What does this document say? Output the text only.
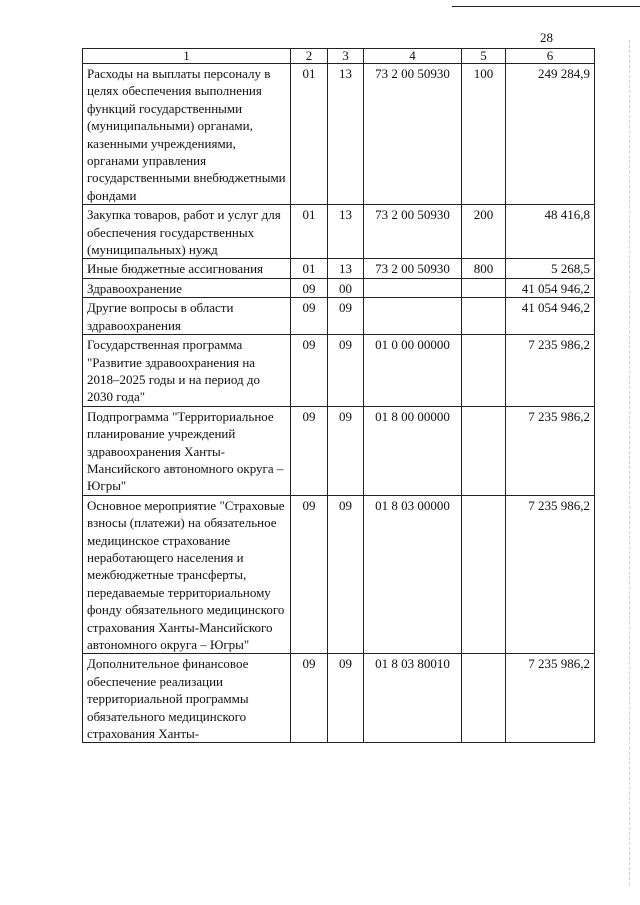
28
1	2	3	4	5	6
Расходы на выплаты персоналу в целях обеспечения выполнения функций государственными (муниципальными) органами, казенными учреждениями, органами управления государственными внебюджетными фондами	01	13	73 2 00 50930	100	249 284,9
Закупка товаров, работ и услуг для обеспечения государственных (муниципальных) нужд	01	13	73 2 00 50930	200	48 416,8
Иные бюджетные ассигнования	01	13	73 2 00 50930	800	5 268,5
Здравоохранение	09	00			41 054 946,2
Другие вопросы в области здравоохранения	09	09			41 054 946,2
Государственная программа "Развитие здравоохранения на 2018–2025 годы и на период до 2030 года"	09	09	01 0 00 00000		7 235 986,2
Подпрограмма "Территориальное планирование учреждений здравоохранения Ханты-Мансийского автономного округа – Югры"	09	09	01 8 00 00000		7 235 986,2
Основное мероприятие "Страховые взносы (платежи) на обязательное медицинское страхование неработающего населения и межбюджетные трансферты, передаваемые территориальному фонду обязательного медицинского страхования Ханты-Мансийского автономного округа – Югры"	09	09	01 8 03 00000		7 235 986,2
Дополнительное финансовое обеспечение реализации территориальной программы обязательного медицинского страхования Ханты-	09	09	01 8 03 80010		7 235 986,2
